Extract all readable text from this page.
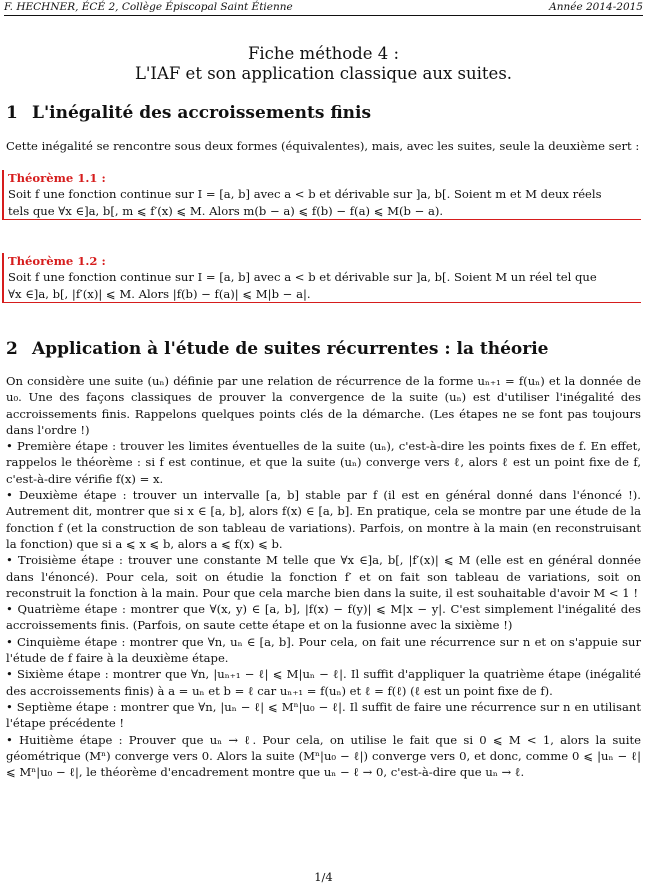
F. HECHNER, ÉCÉ 2, Collège Épiscopal Saint Étienne	Année 2014-2015
Fiche méthode 4 :
L'IAF et son application classique aux suites.
1 L'inégalité des accroissements finis

Cette inégalité se rencontre sous deux formes (équivalentes), mais, avec les suites, seule la deuxième sert :

Théorème 1.1 :
Soit f une fonction continue sur I = [a, b] avec a < b et dérivable sur ]a, b[. Soient m et M deux réels
tels que ∀x ∈]a, b[, m ⩽ f′(x) ⩽ M. Alors m(b − a) ⩽ f(b) − f(a) ⩽ M(b − a).
Théorème 1.2 :
Soit f une fonction continue sur I = [a, b] avec a < b et dérivable sur ]a, b[. Soient M un réel tel que
∀x ∈]a, b[, |f′(x)| ⩽ M. Alors |f(b) − f(a)| ⩽ M|b − a|.
2 Application à l'étude de suites récurrentes : la théorie

On considère une suite (uₙ) définie par une relation de récurrence de la forme uₙ₊₁ = f(uₙ) et la donnée de u₀. Une des façons classiques de prouver la convergence de la suite (uₙ) est d'utiliser l'inégalité des accroissements finis. Rappelons quelques points clés de la démarche. (Les étapes ne se font pas toujours dans l'ordre !)

• Première étape : trouver les limites éventuelles de la suite (uₙ), c'est-à-dire les points fixes de f. En effet, rappelos le théorème : si f est continue, et que la suite (uₙ) converge vers ℓ, alors ℓ est un point fixe de f, c'est-à-dire vérifie f(x) = x.

• Deuxième étape : trouver un intervalle [a, b] stable par f (il est en général donné dans l'énoncé !). Autrement dit, montrer que si x ∈ [a, b], alors f(x) ∈ [a, b]. En pratique, cela se montre par une étude de la fonction f (et la construction de son tableau de variations). Parfois, on montre à la main (en reconstruisant la fonction) que si a ⩽ x ⩽ b, alors a ⩽ f(x) ⩽ b.

• Troisième étape : trouver une constante M telle que ∀x ∈]a, b[, |f′(x)| ⩽ M (elle est en général donnée dans l'énoncé). Pour cela, soit on étudie la fonction f′ et on fait son tableau de variations, soit on reconstruit la fonction à la main. Pour que cela marche bien dans la suite, il est souhaitable d'avoir M < 1 !

• Quatrième étape : montrer que ∀(x, y) ∈ [a, b], |f(x) − f(y)| ⩽ M|x − y|. C'est simplement l'inégalité des accroissements finis. (Parfois, on saute cette étape et on la fusionne avec la sixième !)

• Cinquième étape : montrer que ∀n, uₙ ∈ [a, b]. Pour cela, on fait une récurrence sur n et on s'appuie sur l'étude de f faire à la deuxième étape.

• Sixième étape : montrer que ∀n, |uₙ₊₁ − ℓ| ⩽ M|uₙ − ℓ|. Il suffit d'appliquer la quatrième étape (inégalité des accroissements finis) à a = uₙ et b = ℓ car uₙ₊₁ = f(uₙ) et ℓ = f(ℓ) (ℓ est un point fixe de f).

• Septième étape : montrer que ∀n, |uₙ − ℓ| ⩽ Mⁿ|u₀ − ℓ|. Il suffit de faire une récurrence sur n en utilisant l'étape précédente !

• Huitième étape : Prouver que uₙ → ℓ. Pour cela, on utilise le fait que si 0 ⩽ M < 1, alors la suite géométrique (Mⁿ) converge vers 0. Alors la suite (Mⁿ|u₀ − ℓ|) converge vers 0, et donc, comme 0 ⩽ |uₙ − ℓ| ⩽ Mⁿ|u₀ − ℓ|, le théorème d'encadrement montre que uₙ − ℓ → 0, c'est-à-dire que uₙ → ℓ.

1/4
